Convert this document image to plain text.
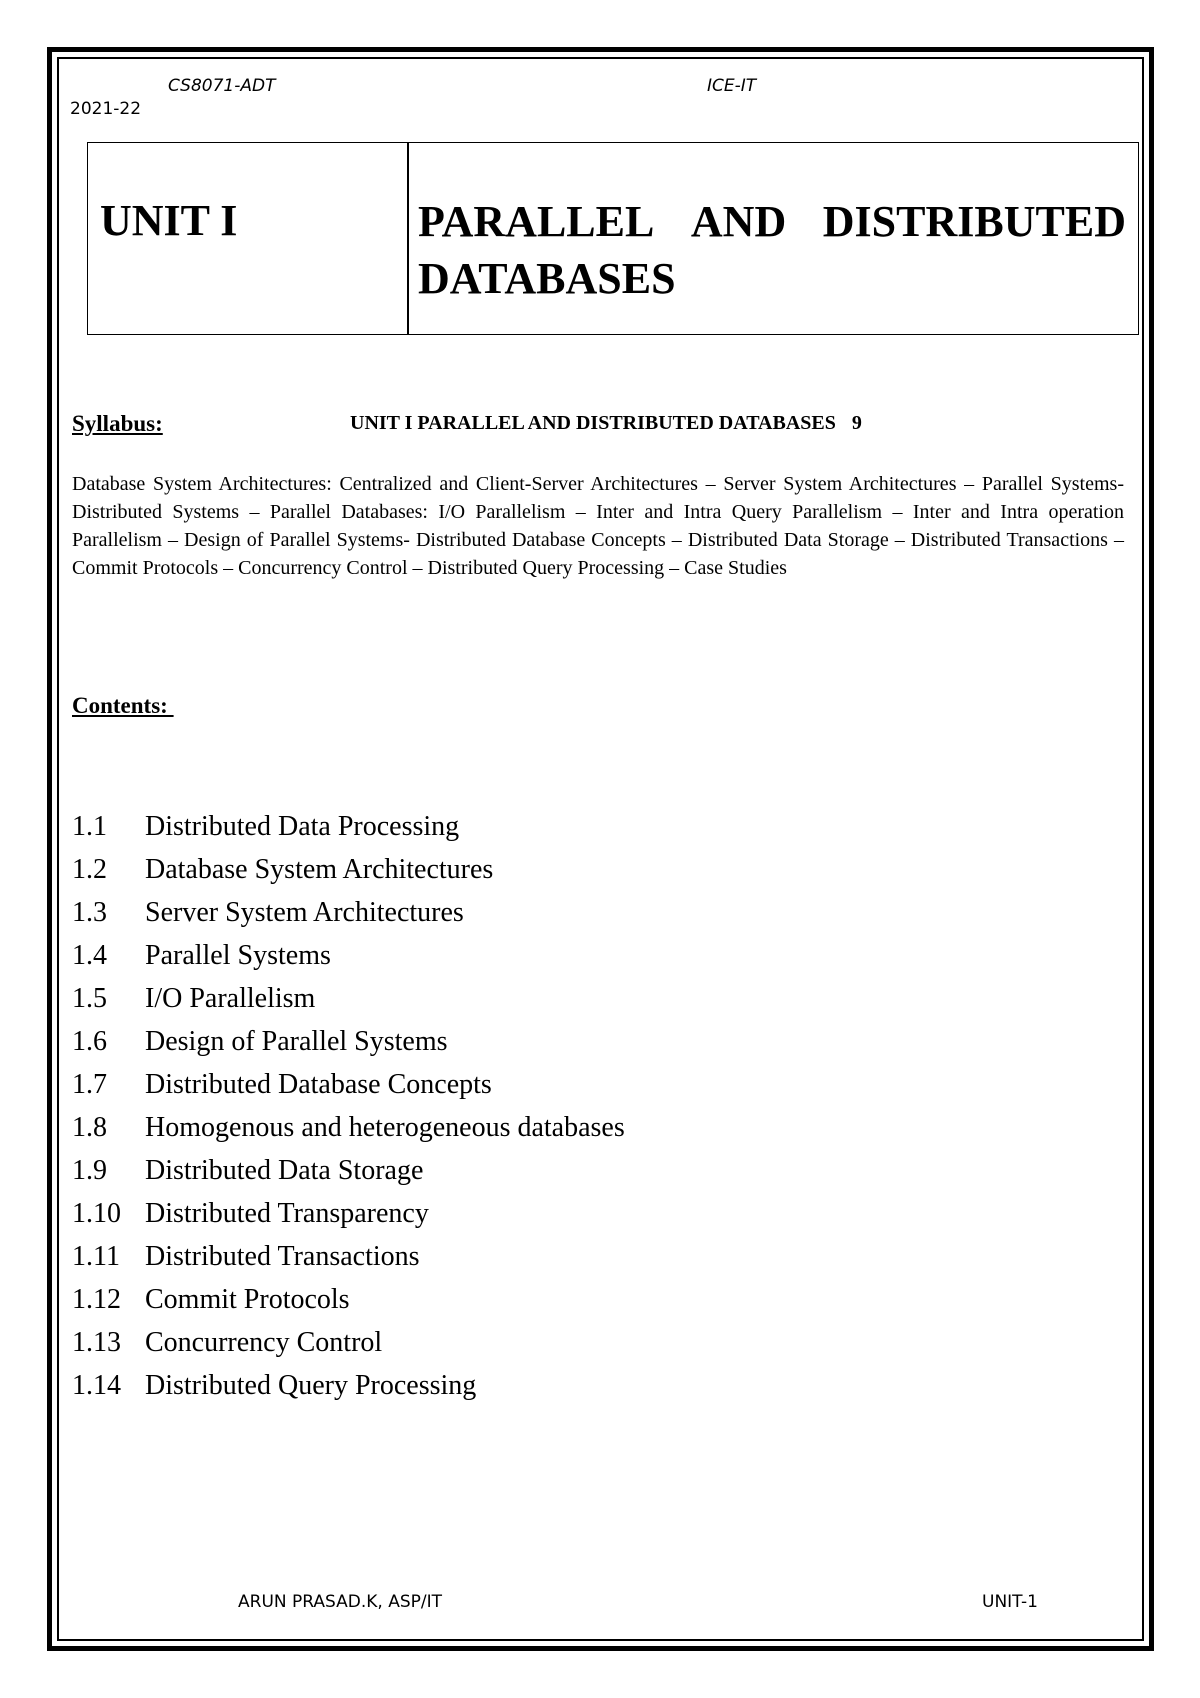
CS8071-ADT	ICE-IT
2021-22
UNIT I	PARALLEL AND DISTRIBUTED
DATABASES
Syllabus:	UNIT I PARALLEL AND DISTRIBUTED DATABASES 9
Database System Architectures: Centralized and Client-Server Architectures – Server System Architectures – Parallel Systems- Distributed Systems – Parallel Databases: I/O Parallelism – Inter and Intra Query Parallelism – Inter and Intra operation Parallelism – Design of Parallel Systems- Distributed Database Concepts – Distributed Data Storage – Distributed Transactions – Commit Protocols – Concurrency Control – Distributed Query Processing – Case Studies
Contents:
1.1	Distributed Data Processing
1.2	Database System Architectures
1.3	Server System Architectures
1.4	Parallel Systems
1.5	I/O Parallelism
1.6	Design of Parallel Systems
1.7	Distributed Database Concepts
1.8	Homogenous and heterogeneous databases
1.9	Distributed Data Storage
1.10 Distributed Transparency
1.11 Distributed Transactions
1.12 Commit Protocols
1.13 Concurrency Control
1.14 Distributed Query Processing
ARUN PRASAD.K, ASP/IT	UNIT-1
